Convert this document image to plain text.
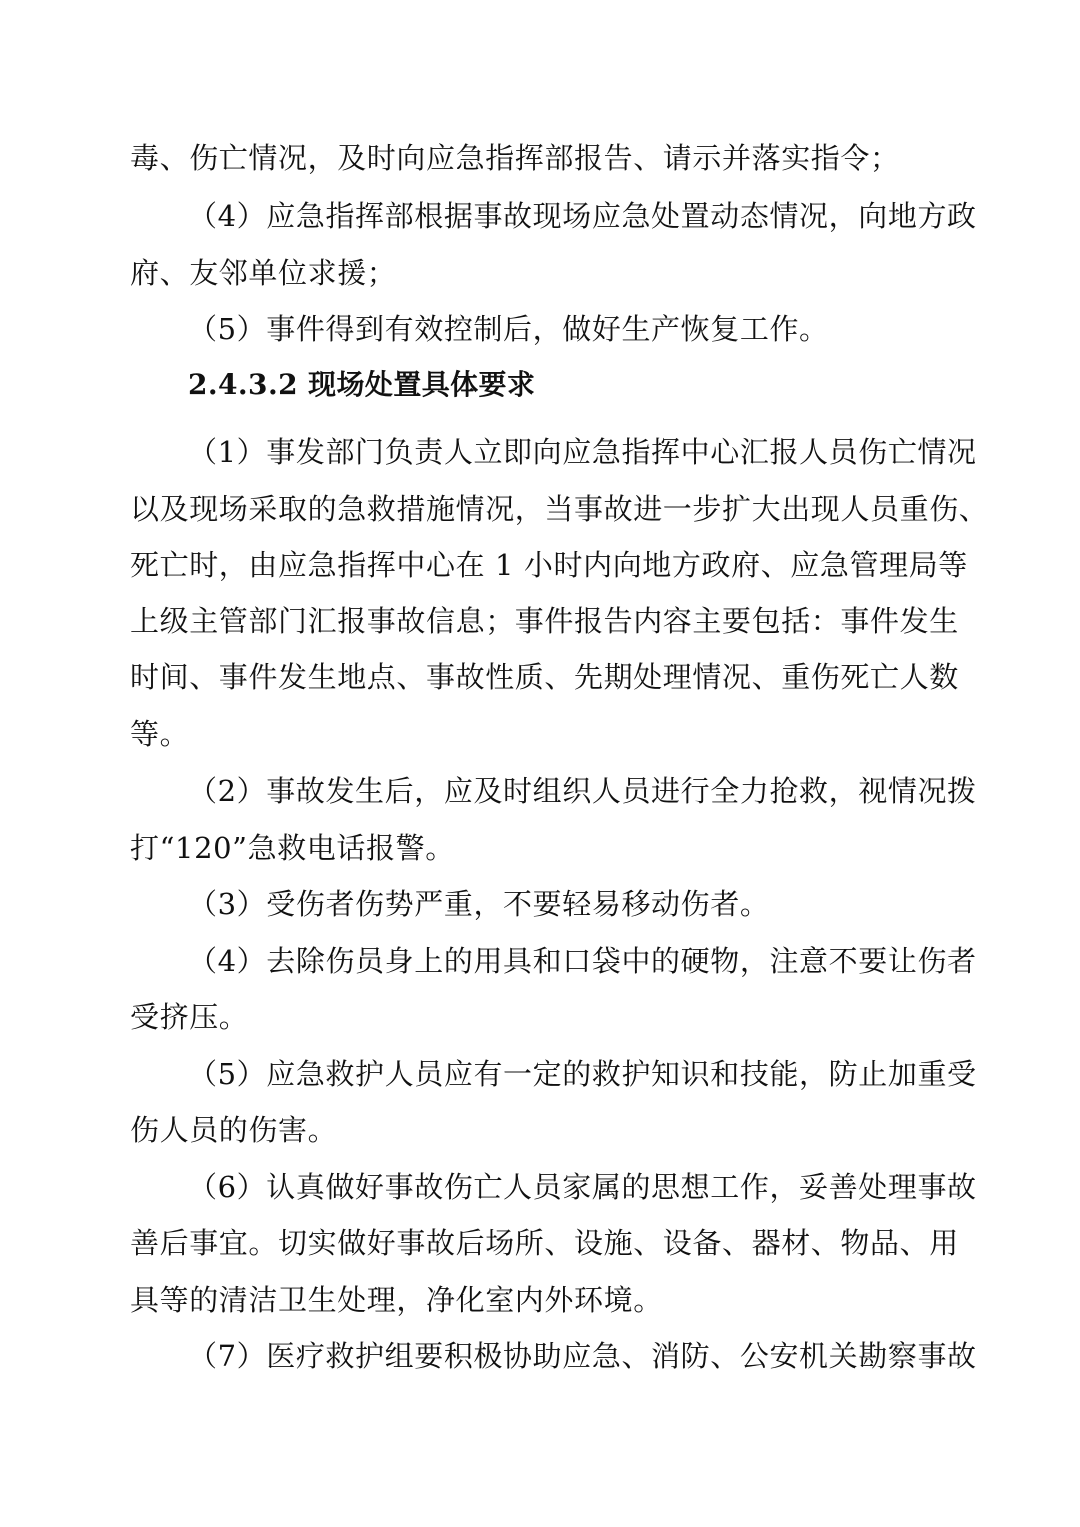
毒、伤亡情况，及时向应急指挥部报告、请示并落实指令；
（4）应急指挥部根据事故现场应急处置动态情况，向地方政
府、友邻单位求援；
（5）事件得到有效控制后，做好生产恢复工作。
2.4.3.2 现场处置具体要求
（1）事发部门负责人立即向应急指挥中心汇报人员伤亡情况
以及现场采取的急救措施情况，当事故进一步扩大出现人员重伤、
死亡时，由应急指挥中心在 1 小时内向地方政府、应急管理局等
上级主管部门汇报事故信息；事件报告内容主要包括：事件发生
时间、事件发生地点、事故性质、先期处理情况、重伤死亡人数
等。
（2）事故发生后，应及时组织人员进行全力抢救，视情况拨
打“120”急救电话报警。
（3）受伤者伤势严重，不要轻易移动伤者。
（4）去除伤员身上的用具和口袋中的硬物，注意不要让伤者
受挤压。
（5）应急救护人员应有一定的救护知识和技能，防止加重受
伤人员的伤害。
（6）认真做好事故伤亡人员家属的思想工作，妥善处理事故
善后事宜。切实做好事故后场所、设施、设备、器材、物品、用
具等的清洁卫生处理，净化室内外环境。
（7）医疗救护组要积极协助应急、消防、公安机关勘察事故
